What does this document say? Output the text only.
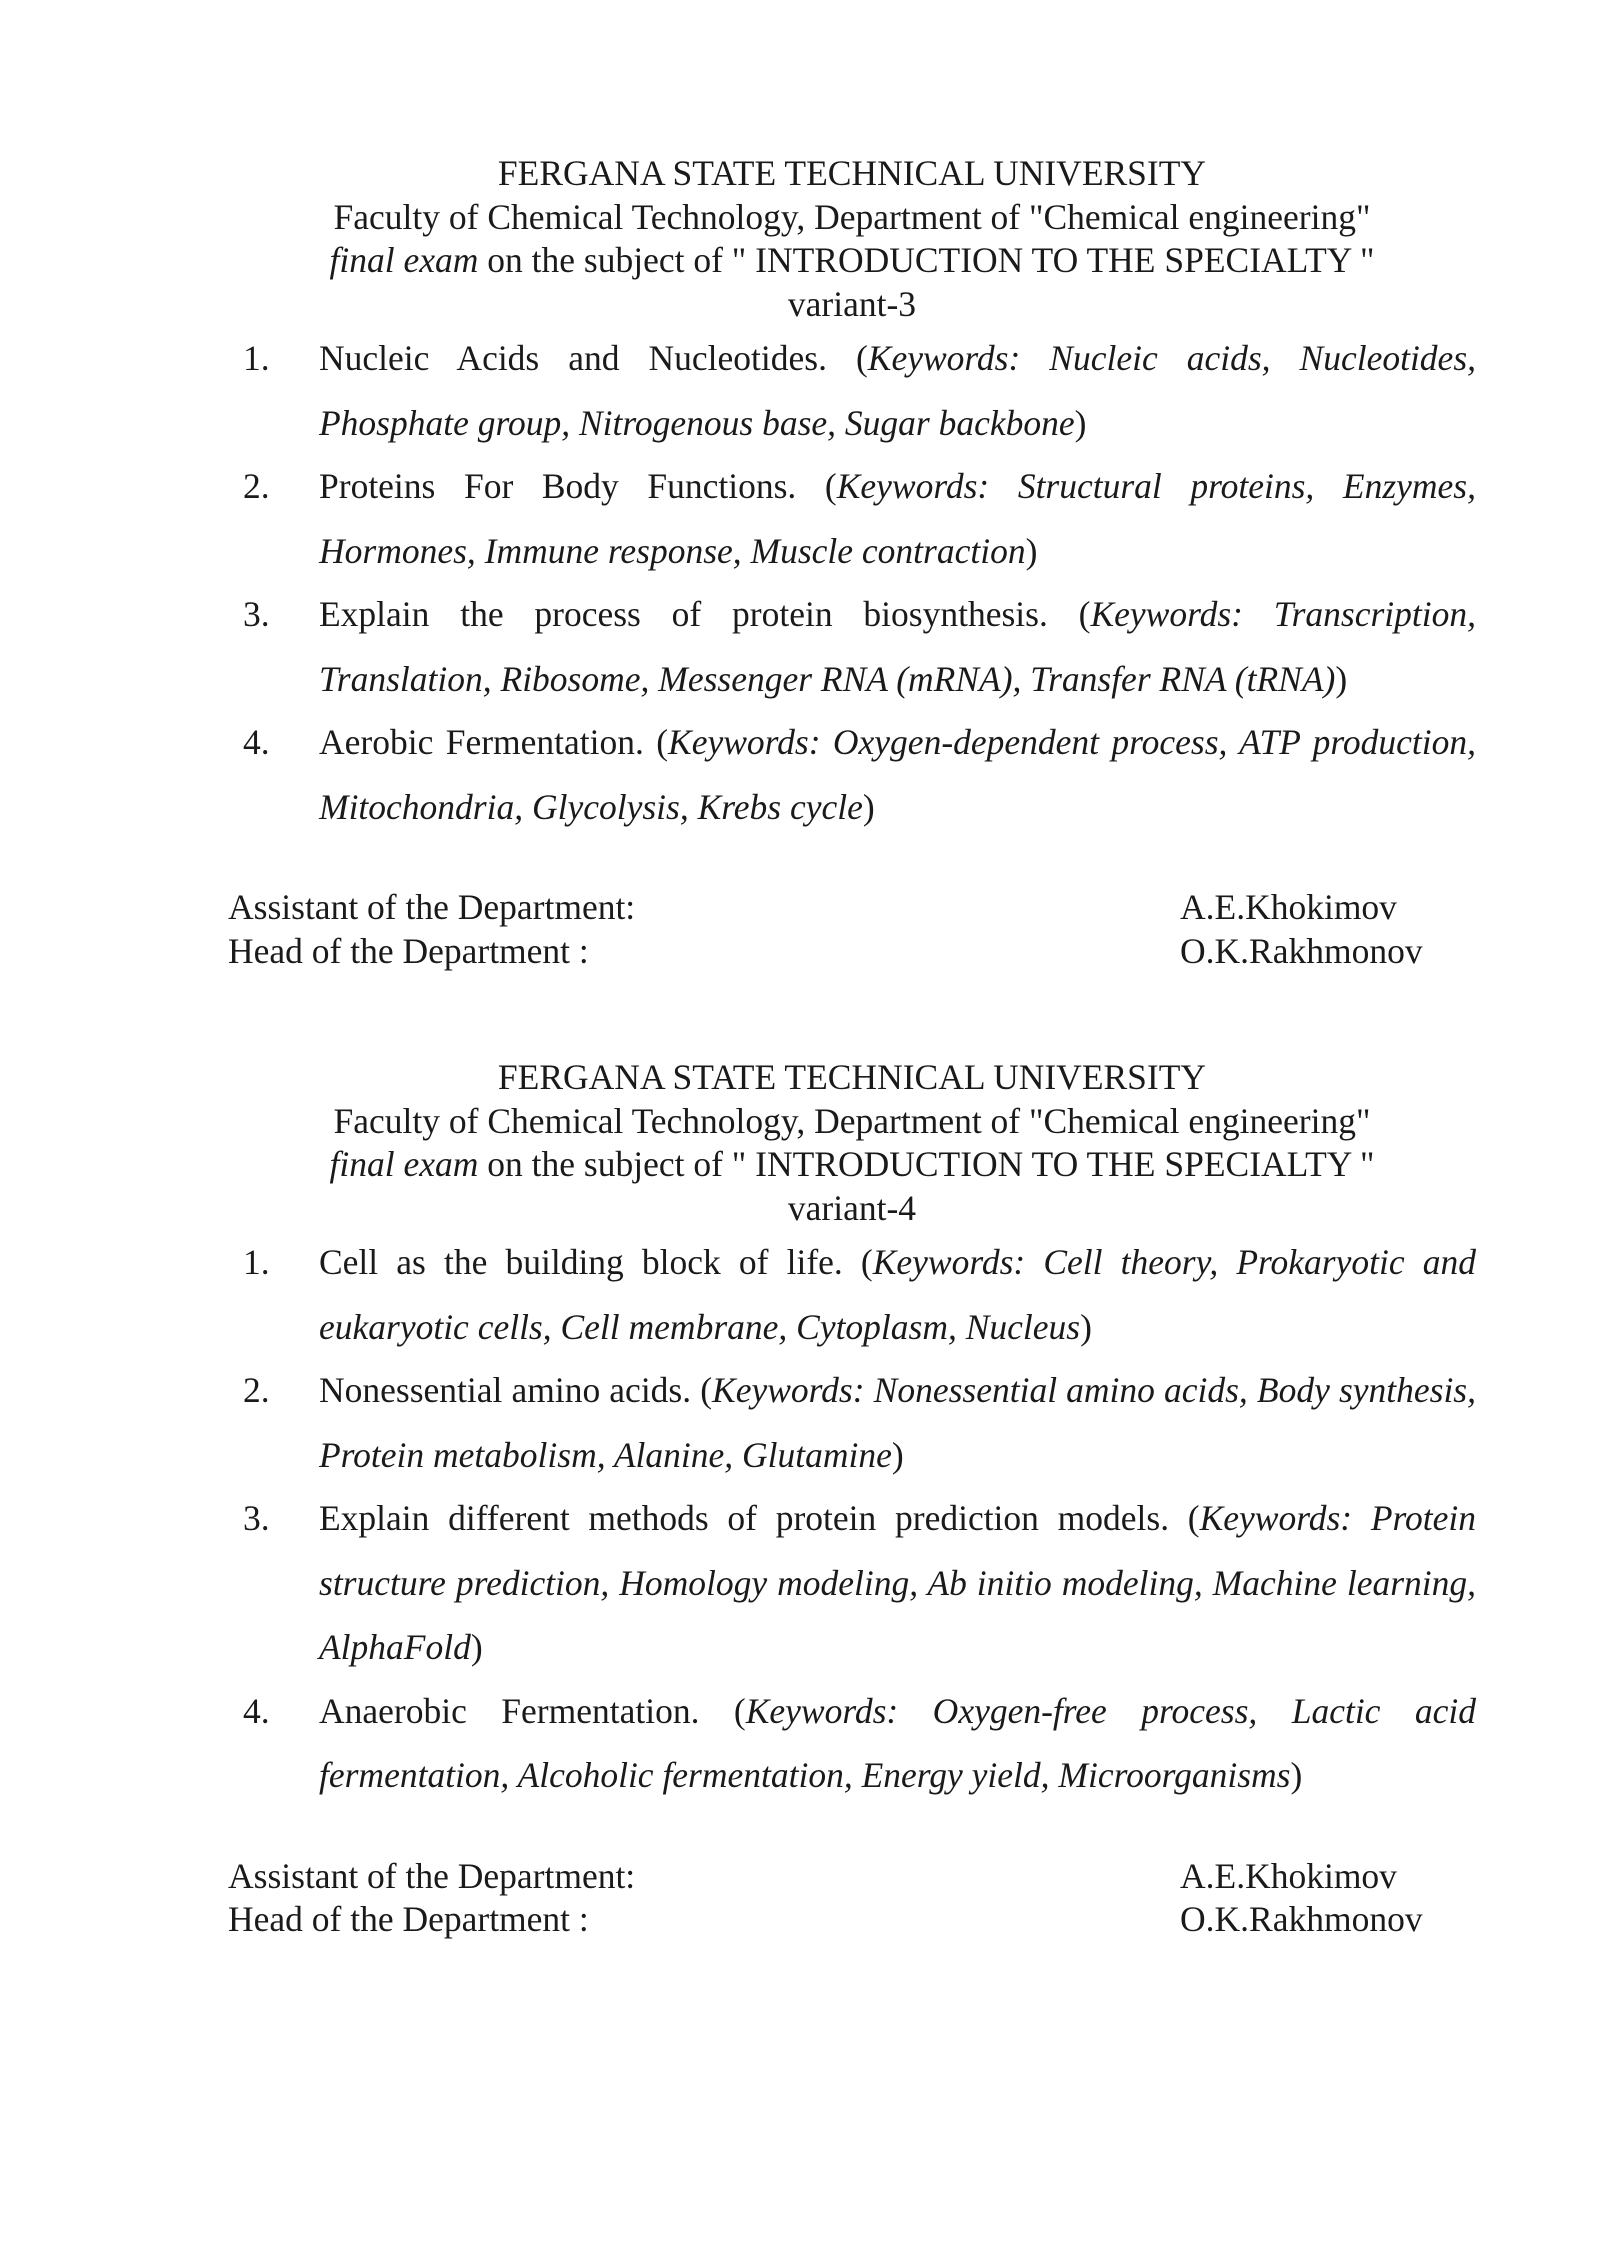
FERGANA STATE TECHNICAL UNIVERSITY
Faculty of Chemical Technology, Department of "Chemical engineering"
final exam on the subject of " INTRODUCTION TO THE SPECIALTY "
variant-3
1. Nucleic Acids and Nucleotides. (Keywords: Nucleic acids, Nucleotides, Phosphate group, Nitrogenous base, Sugar backbone)
2. Proteins For Body Functions. (Keywords: Structural proteins, Enzymes, Hormones, Immune response, Muscle contraction)
3. Explain the process of protein biosynthesis. (Keywords: Transcription, Translation, Ribosome, Messenger RNA (mRNA), Transfer RNA (tRNA))
4. Aerobic Fermentation. (Keywords: Oxygen-dependent process, ATP production, Mitochondria, Glycolysis, Krebs cycle)
Assistant of the Department:	A.E.Khokimov
Head of the Department :	O.K.Rakhmonov
FERGANA STATE TECHNICAL UNIVERSITY
Faculty of Chemical Technology, Department of "Chemical engineering"
final exam on the subject of " INTRODUCTION TO THE SPECIALTY "
variant-4
1. Cell as the building block of life. (Keywords: Cell theory, Prokaryotic and eukaryotic cells, Cell membrane, Cytoplasm, Nucleus)
2. Nonessential amino acids. (Keywords: Nonessential amino acids, Body synthesis, Protein metabolism, Alanine, Glutamine)
3. Explain different methods of protein prediction models. (Keywords: Protein structure prediction, Homology modeling, Ab initio modeling, Machine learning, AlphaFold)
4. Anaerobic Fermentation. (Keywords: Oxygen-free process, Lactic acid fermentation, Alcoholic fermentation, Energy yield, Microorganisms)
Assistant of the Department:	A.E.Khokimov
Head of the Department :	O.K.Rakhmonov
